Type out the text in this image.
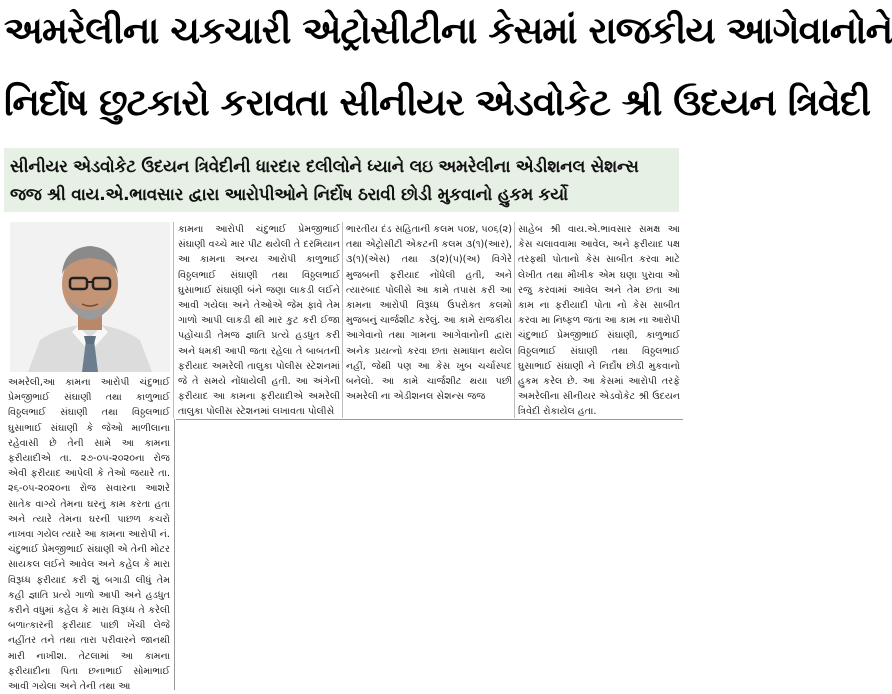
અમરેલીના ચકચારી એટ્રોસીટીના કેસમાં રાજકીય આગેવાનોને
નિર્દોષ છુટકારો કરાવતા સીનીયર એડવોકેટ શ્રી ઉદયન ત્રિવેદી
સીનીયર એડવોકેટ ઉદયન ત્રિવેદીની ધારદાર દલીલોને ધ્યાને લઇ અમરેલીના એડીશનલ સેશન્સ
જજ શ્રી વાય.એ.ભાવસાર દ્વારા આરોપીઓને નિર્દોષ ઠરાવી છોડી મુકવાનો હુકમ કર્યો
અમરેલી,આ કામના આરોપી ચંદુભાઈ પ્રેમજીભાઈ સંઘાણી તથા કાળુભાઈ વિઠ્ઠલભાઈ સંઘાણી તથા વિઠ્ઠલભાઈ ઘુસાભાઈ સંઘાણી કે જેઓ માળીલાના રહેવાસી છે તેની સામે આ કામના ફરીયાદીએ તા. ૨૭-૦૫-૨૦૨૦ના રોજ એવી ફરીયાદ આપેલી કે તેઓ જયારે તા. ૨૬-૦૫-૨૦૨૦ના રોજ સવારના આશરે સાતેક વાગ્યે તેમના ઘરનું કામ કરતા હતા અને ત્યારે તેમના ઘરની પાછળ કચરો નાખવા ગયેલ ત્યારે આ કામના આરોપી નં. ચંદુભાઈ પ્રેમજીભાઈ સંઘાણી એ તેની મોટર સાયકલ લઈને આવેલ અને કહેલ કે મારા વિરૂધ્ધ ફરીયાદ કરી શું બગાડી લીધું તેમ કહી જ્ઞાતિ પ્રત્યે ગાળો આપી અને હડધુત કરીને વધુમાં કહેલ કે મારા વિરૂધ્ધ તે કરેલી બળાત્કારની ફરીયાદ પાછી ખેંચી લેજે નહીંતર તને તથા તારા પરીવારને જાનથી મારી નાખીશ. તેટલામાં આ કામના ફરીયાદીના પિતા છનાભાઈ સોમાભાઈ આવી ગયેલા અને તેની તથા આ
કામના આરોપી ચંદુભાઈ પ્રેમજીભાઈ સંઘાણી વચ્ચે માર પીટ થયેલી તે દરમિયાન આ કામના અન્ય આરોપી કાળુભાઈ વિઠ્ઠલભાઈ સંઘાણી તથા વિઠ્ઠલભાઈ ઘુસાભાઈ સંઘાણી બંને જણા લાકડી લઈને આવી ગયેલા અને તેઓએ જેમ ફાવે તેમ ગાળો આપી લાકડી થી માર કુટ કરી ઈજા પહોંચાડી તેમજ જ્ઞાતિ પ્રત્યે હડધુત કરી અને ધમકી આપી જતા રહેલા તે બાબતની ફરીયાદ અમરેલી તાલુકા પોલીસ સ્ટેશનમાં જે તે સમયે નોંધાયેલી હતી. આ અંગેની ફરીયાદ આ કામના ફરીયાદીએ અમરેલી તાલુકા પોલીસ સ્ટેશનમાં લખાવતા પોલીસે
ભારતીય દંડ સહિતાની કલમ ૫૦૪, ૫૦૬(૨) તથા એટ્રોસીટી એકટની કલમ ૩(૧)(આર), ૩(૧)(એસ) તથા ૩(૨)(૫)(અ) વિગેરે મુજબની ફરીયાદ નોંધેલી હતી, અને ત્યારબાદ પોલીસે આ કામે તપાસ કરી આ કામના આરોપી વિરૂધ્ધ ઉપરોક્ત કલમો મુજબનું ચાર્જશીટ કરેલું. આ કામે રાજકીય આગેવાનો તથા ગામના આગેવાનોની દ્વારા અનેક પ્રયત્નો કરવા છતા સમાધાન થયેલ નહીં, જેથી પણ આ કેસ ખુબ ચર્ચાસ્પદ બનેલો. આ કામે ચાર્જશીટ થયા પછી અમરેલી ના એડીશનલ સેશન્સ જજ
સાહેબ શ્રી વાય.એ.ભાવસાર સમક્ષ આ કેસ ચલાવવામા આવેલ, અને ફરીયાદ પક્ષ તરફથી પોતાનો કેસ સાબીત કરવા માટે લેખીત તથા મૌખીક એમ ઘણા પુરાવા ઓ રજુ કરવામાં આવેલ અને તેમ છતા આ કામ ના ફરીયાદી પોતા નો કેસ સાબીત કરવા મા નિષ્ફળ જતા આ કામ ના આરોપી ચંદુભાઈ પ્રેમજીભાઈ સંઘાણી, કાળુભાઈ વિઠ્ઠલભાઈ સંઘાણી તથા વિઠ્ઠલભાઈ ઘુસાભાઈ સંઘાણી ને નિર્દોષ છોડી મુકવાનો હુકમ કરેલ છે. આ કેસમાં આરોપી તરફે અમરેલીના સીનીયર એડવોકેટ શ્રી ઉદયન ત્રિવેદી રોકાયેલ હતા.
